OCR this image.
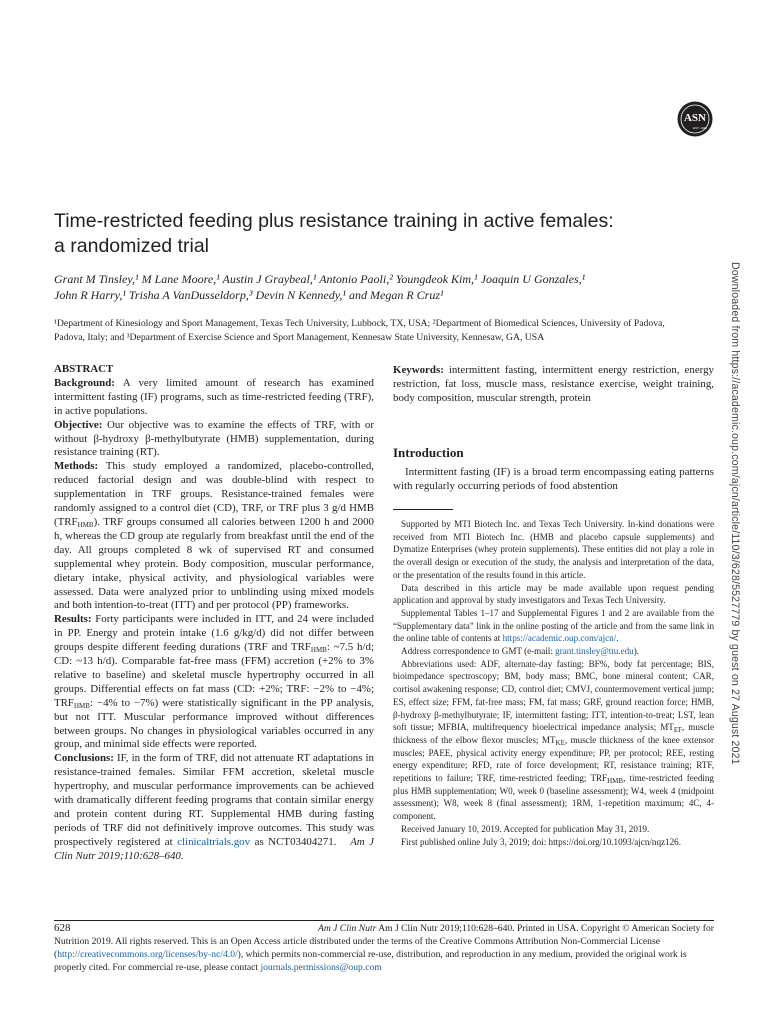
ASN
EST. 1928
Downloaded from https://academic.oup.com/ajcn/article/110/3/628/5527779 by guest on 27 August 2021
Time-restricted feeding plus resistance training in active females:
a randomized trial
Grant M Tinsley,¹ M Lane Moore,¹ Austin J Graybeal,¹ Antonio Paoli,² Youngdeok Kim,¹ Joaquin U Gonzales,¹
John R Harry,¹ Trisha A VanDusseldorp,³ Devin N Kennedy,¹ and Megan R Cruz¹
¹Department of Kinesiology and Sport Management, Texas Tech University, Lubbock, TX, USA; ²Department of Biomedical Sciences, University of Padova,
Padova, Italy; and ³Department of Exercise Science and Sport Management, Kennesaw State University, Kennesaw, GA, USA

ABSTRACT

Background: A very limited amount of research has examined intermittent fasting (IF) programs, such as time-restricted feeding (TRF), in active populations.

Objective: Our objective was to examine the effects of TRF, with or without β-hydroxy β-methylbutyrate (HMB) supplementation, during resistance training (RT).

Methods: This study employed a randomized, placebo-controlled, reduced factorial design and was double-blind with respect to supplementation in TRF groups. Resistance-trained females were randomly assigned to a control diet (CD), TRF, or TRF plus 3 g/d HMB $(TRF_{HMB})$. TRF groups consumed all calories between 1200 h and 2000 h, whereas the CD group ate regularly from breakfast until the end of the day. All groups completed 8 wk of supervised RT and consumed supplemental whey protein. Body composition, muscular performance, dietary intake, physical activity, and physiological variables were assessed. Data were analyzed prior to unblinding using mixed models and both intention-to-treat (ITT) and per protocol (PP) frameworks.

Results: Forty participants were included in ITT, and 24 were included in PP. Energy and protein intake (1.6 g/kg/d) did not differ between groups despite different feeding durations (TRF and $TRF_{HMB}$: ~7.5 h/d; CD: ~13 h/d). Comparable fat-free mass (FFM) accretion (+2% to 3% relative to baseline) and skeletal muscle hypertrophy occurred in all groups. Differential effects on fat mass (CD: +2%; TRF: −2% to −4%; $TRF_{HMB}$: −4% to −7%) were statistically significant in the PP analysis, but not ITT. Muscular performance improved without differences between groups. No changes in physiological variables occurred in any group, and minimal side effects were reported.

Conclusions: IF, in the form of TRF, did not attenuate RT adaptations in resistance-trained females. Similar FFM accretion, skeletal muscle hypertrophy, and muscular performance improvements can be achieved with dramatically different feeding programs that contain similar energy and protein content during RT. Supplemental HMB during fasting periods of TRF did not definitively improve outcomes. This study was prospectively registered at clinicaltrials.gov as NCT03404271. Am J Clin Nutr 2019;110:628–640.

Keywords: intermittent fasting, intermittent energy restriction, energy restriction, fat loss, muscle mass, resistance exercise, weight training, body composition, muscular strength, protein

Introduction

Intermittent fasting (IF) is a broad term encompassing eating patterns with regularly occurring periods of food abstention

Supported by MTI Biotech Inc. and Texas Tech University. In-kind donations were received from MTI Biotech Inc. (HMB and placebo capsule supplements) and Dymatize Enterprises (whey protein supplements). These entities did not play a role in the overall design or execution of the study, the analysis and interpretation of the data, or the presentation of the results found in this article.

Data described in this article may be made available upon request pending application and approval by study investigators and Texas Tech University.

Supplemental Tables 1–17 and Supplemental Figures 1 and 2 are available from the “Supplementary data” link in the online posting of the article and from the same link in the online table of contents at https://academic.oup.com/ajcn/.

Address correspondence to GMT (e-mail: grant.tinsley@ttu.edu).

Abbreviations used: ADF, alternate-day fasting; BF%, body fat percentage; BIS, bioimpedance spectroscopy; BM, body mass; BMC, bone mineral content; CAR, cortisol awakening response; CD, control diet; CMVJ, countermovement vertical jump; ES, effect size; FFM, fat-free mass; FM, fat mass; GRF, ground reaction force; HMB, β-hydroxy β-methylbutyrate; IF, intermittent fasting; ITT, intention-to-treat; LST, lean soft tissue; MFBIA, multifrequency bioelectrical impedance analysis; $MT_{EF}$, muscle thickness of the elbow flexor muscles; $MT_{KE}$, muscle thickness of the knee extensor muscles; PAEE, physical activity energy expenditure; PP, per protocol; REE, resting energy expenditure; RFD, rate of force development; RT, resistance training; RTF, repetitions to failure; TRF, time-restricted feeding; $TRF_{HMB}$, time-restricted feeding plus HMB supplementation; W0, week 0 (baseline assessment); W4, week 4 (midpoint assessment); W8, week 8 (final assessment); 1RM, 1-repetition maximum; 4C, 4-component.

Received January 10, 2019. Accepted for publication May 31, 2019.

First published online July 3, 2019; doi: https://doi.org/10.1093/ajcn/nqz126.

628	Am J Clin Nutr Am J Clin Nutr 2019;110:628–640. Printed in USA. Copyright © American Society for

Nutrition 2019. All rights reserved. This is an Open Access article distributed under the terms of the Creative Commons Attribution Non-Commercial License (http://creativecommons.org/licenses/by-nc/4.0/), which permits non-commercial re-use, distribution, and reproduction in any medium, provided the original work is properly cited. For commercial re-use, please contact journals.permissions@oup.com
